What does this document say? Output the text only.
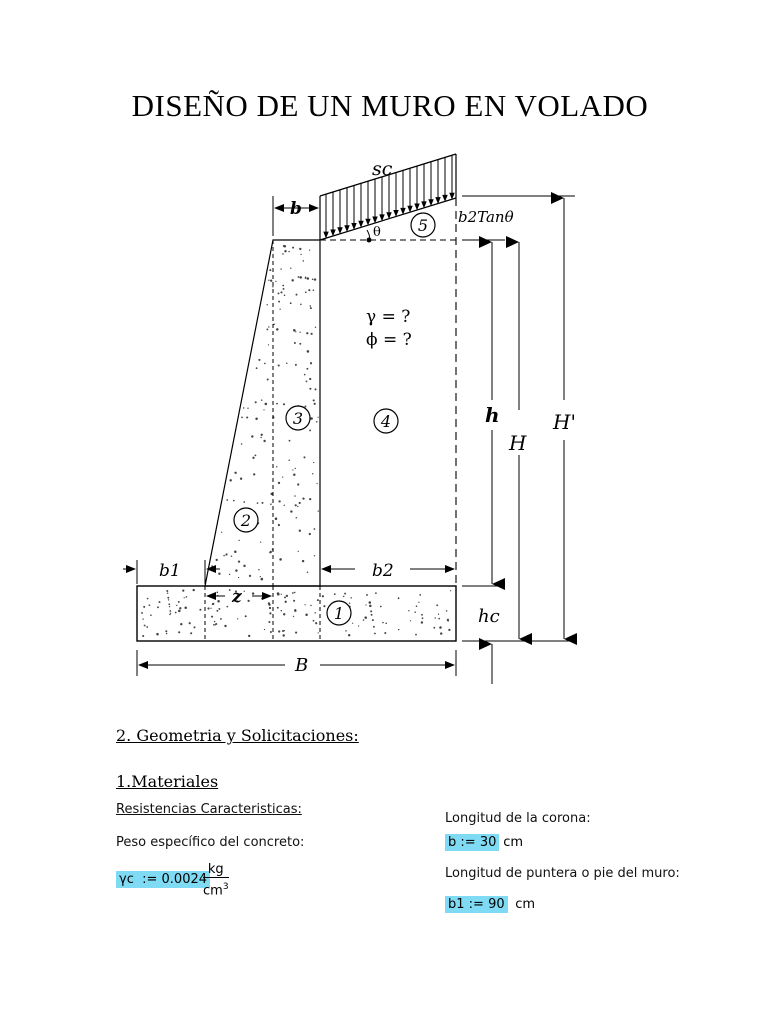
DISEÑO DE UN MURO EN VOLADO
1
2
3	4
5
sc
b	b2Tanθ
θ
γ = ?
ϕ = ?
h
H
H'
b1	b2
z
hc
B
2. Geometria y Solicitaciones:
1.Materiales
Resistencias Caracteristicas:
Peso específico del concreto:
γc := 0.0024
$\frac{kg}{cm^3}$
Longitud de la corona:
b := 30 cm
Longitud de puntera o pie del muro:
b1 := 90 cm
